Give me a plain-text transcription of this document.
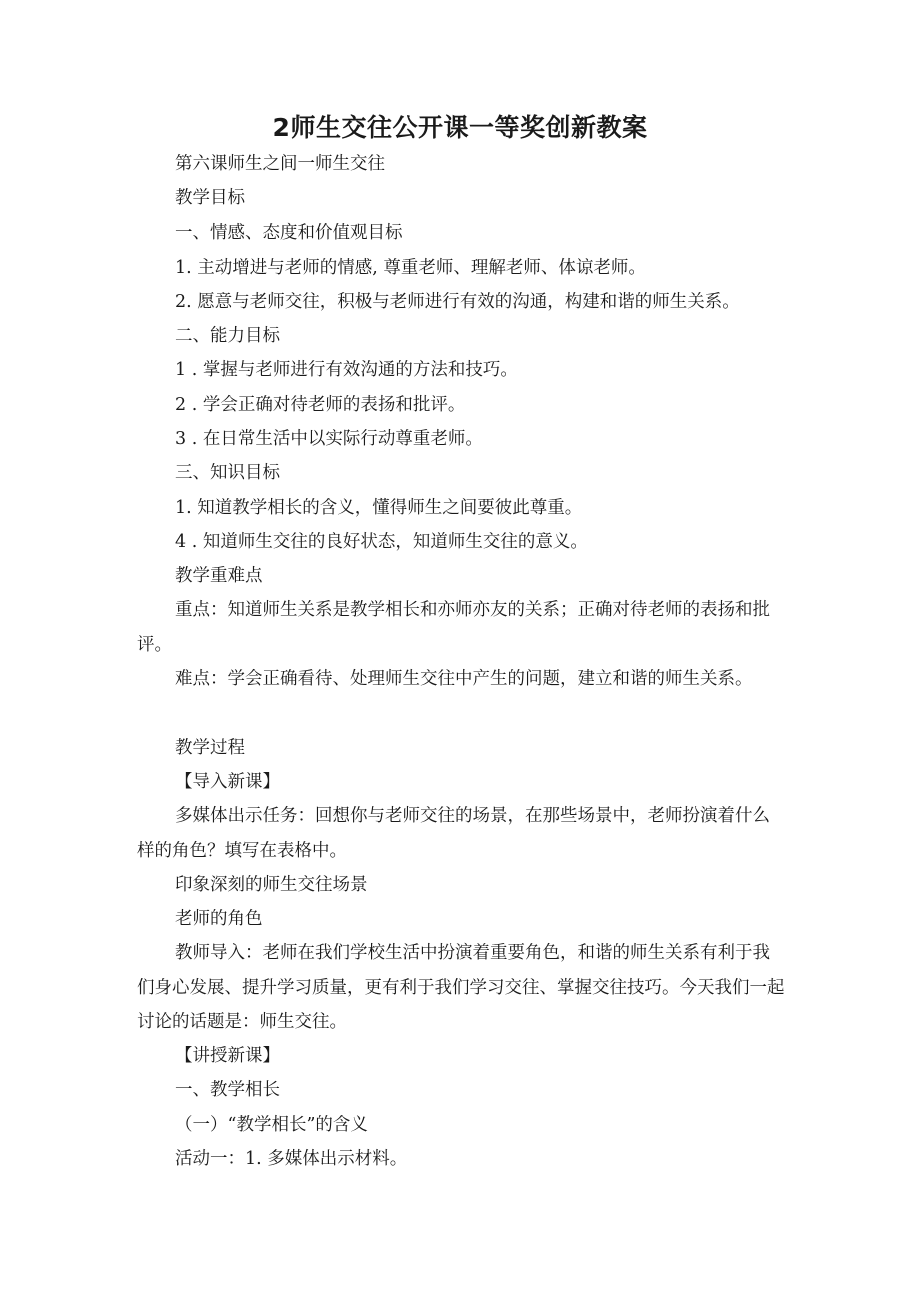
2师生交往公开课一等奖创新教案
第六课师生之间一师生交往
教学目标
一、情感、态度和价值观目标
1. 主动增进与老师的情感, 尊重老师、理解老师、体谅老师。
2. 愿意与老师交往，积极与老师进行有效的沟通，构建和谐的师生关系。
二、能力目标
1 . 掌握与老师进行有效沟通的方法和技巧。
2 . 学会正确对待老师的表扬和批评。
3 . 在日常生活中以实际行动尊重老师。
三、知识目标
1. 知道教学相长的含义，懂得师生之间要彼此尊重。
4 . 知道师生交往的良好状态，知道师生交往的意义。
教学重难点
重点：知道师生关系是教学相长和亦师亦友的关系；正确对待老师的表扬和批评。
难点：学会正确看待、处理师生交往中产生的问题，建立和谐的师生关系。
教学过程
【导入新课】
多媒体出示任务：回想你与老师交往的场景，在那些场景中，老师扮演着什么样的角色？填写在表格中。
印象深刻的师生交往场景
老师的角色
教师导入：老师在我们学校生活中扮演着重要角色，和谐的师生关系有利于我们身心发展、提升学习质量，更有利于我们学习交往、掌握交往技巧。今天我们一起讨论的话题是：师生交往。
【讲授新课】
一、教学相长
（一）“教学相长”的含义
活动一：1. 多媒体出示材料。
